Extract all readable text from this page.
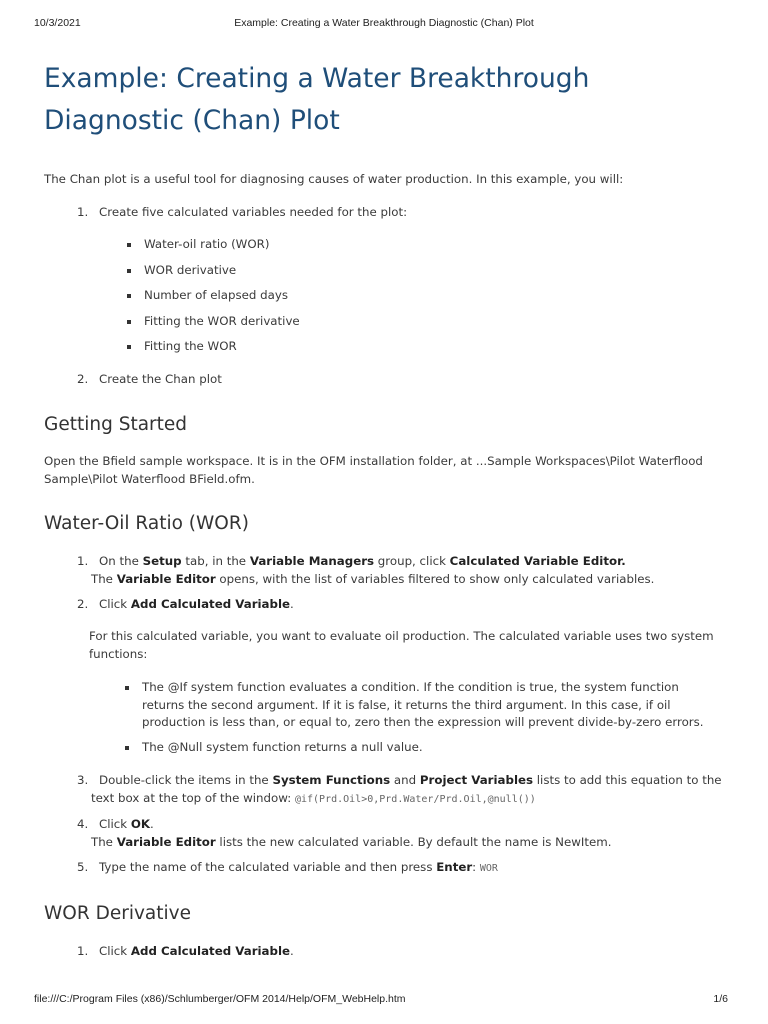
10/3/2021	Example: Creating a Water Breakthrough Diagnostic (Chan) Plot
Example: Creating a Water Breakthrough Diagnostic (Chan) Plot

The Chan plot is a useful tool for diagnosing causes of water production. In this example, you will:

1. Create five calculated variables needed for the plot:

Water-oil ratio (WOR)

WOR derivative

Number of elapsed days

Fitting the WOR derivative

Fitting the WOR

2. Create the Chan plot

Getting Started

Open the Bfield sample workspace. It is in the OFM installation folder, at ...Sample Workspaces\Pilot Waterflood Sample\Pilot Waterflood BField.ofm.

Water-Oil Ratio (WOR)

1. On the Setup tab, in the Variable Managers group, click Calculated Variable Editor.
The Variable Editor opens, with the list of variables filtered to show only calculated variables.

2. Click Add Calculated Variable.

For this calculated variable, you want to evaluate oil production. The calculated variable uses two system functions:

The @If system function evaluates a condition. If the condition is true, the system function returns the second argument. If it is false, it returns the third argument. In this case, if oil production is less than, or equal to, zero then the expression will prevent divide-by-zero errors.

The @Null system function returns a null value.

3. Double-click the items in the System Functions and Project Variables lists to add this equation to the text box at the top of the window: @if(Prd.Oil>0,Prd.Water/Prd.Oil,@null())

4. Click OK.
The Variable Editor lists the new calculated variable. By default the name is NewItem.

5. Type the name of the calculated variable and then press Enter: WOR

WOR Derivative

1. Click Add Calculated Variable.

file:///C:/Program Files (x86)/Schlumberger/OFM 2014/Help/OFM_WebHelp.htm	1/6
